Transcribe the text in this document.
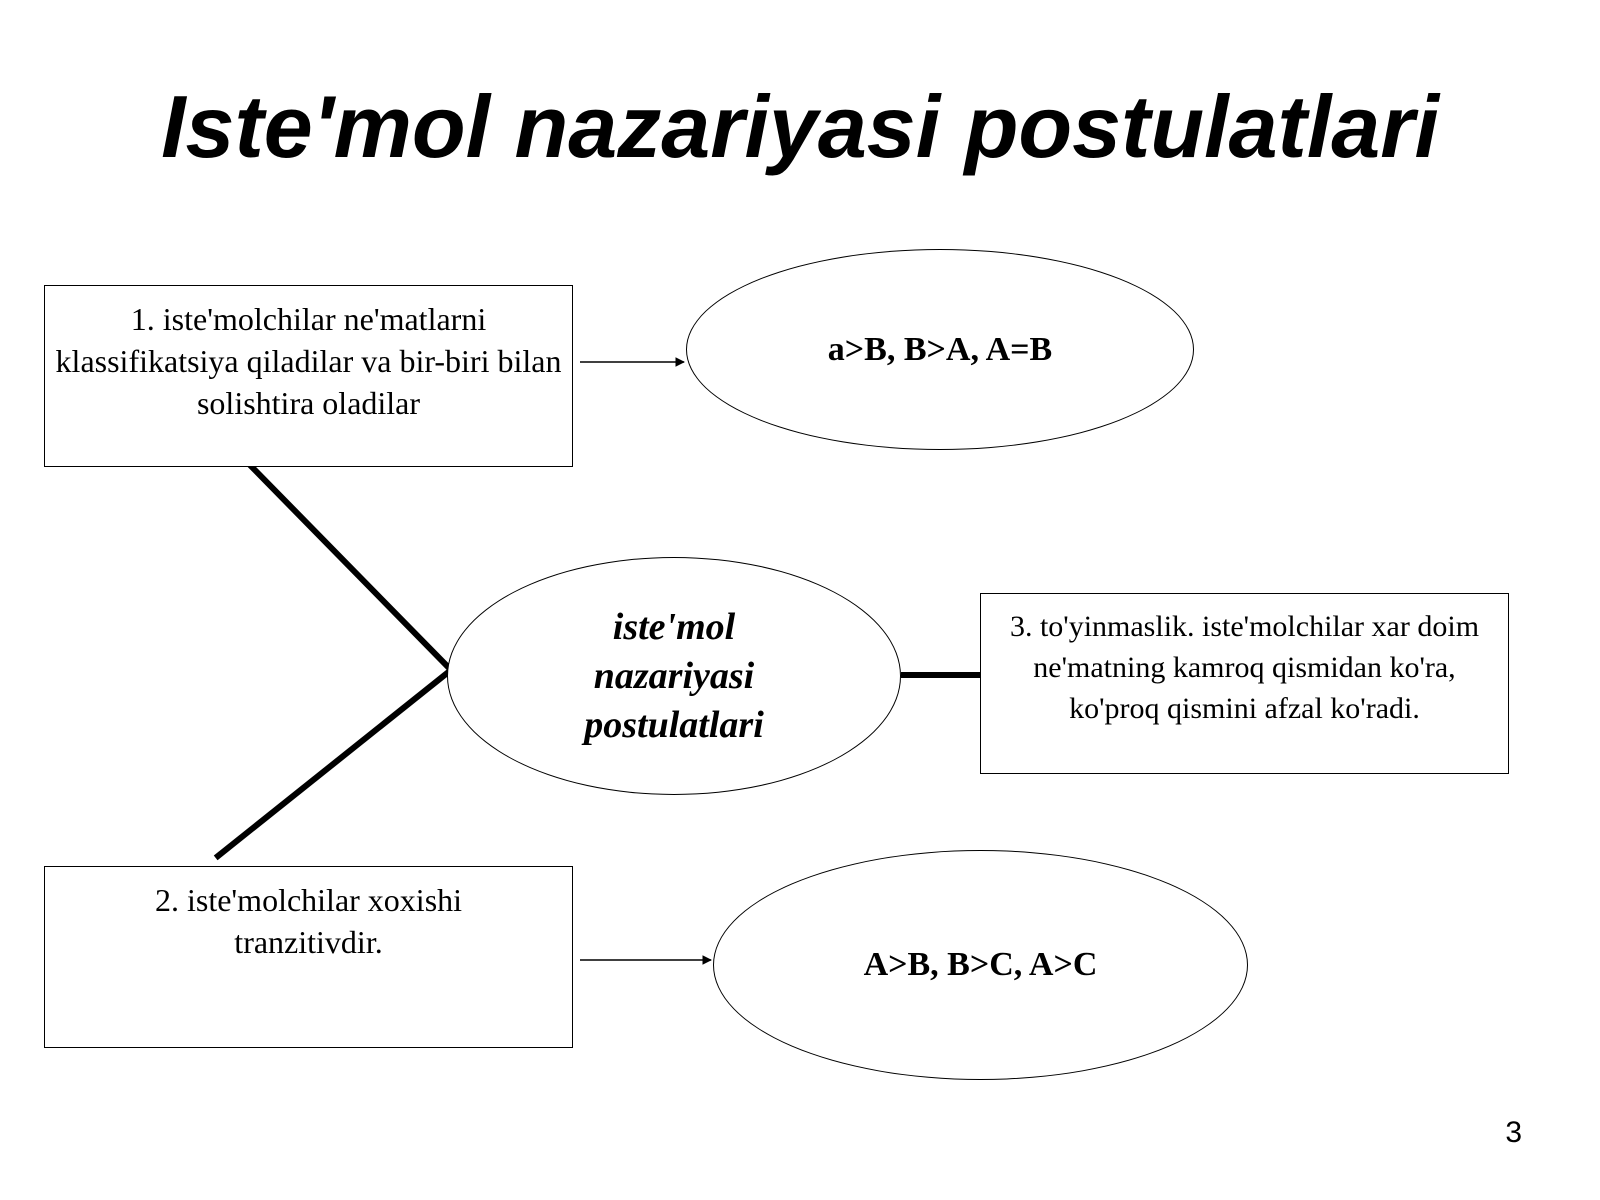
Iste'mol nazariyasi postulatlari
1. iste'molchilar ne'matlarni klassifikatsiya qiladilar va bir-biri bilan solishtira oladilar
a>B, B>A, A=B
iste'mol nazariyasi postulatlari
3. to'yinmaslik. iste'molchilar xar doim ne'matning kamroq qismidan ko'ra, ko'proq qismini afzal ko'radi.
2. iste'molchilar xoxishi tranzitivdir.
A>B, B>C, A>C
3
